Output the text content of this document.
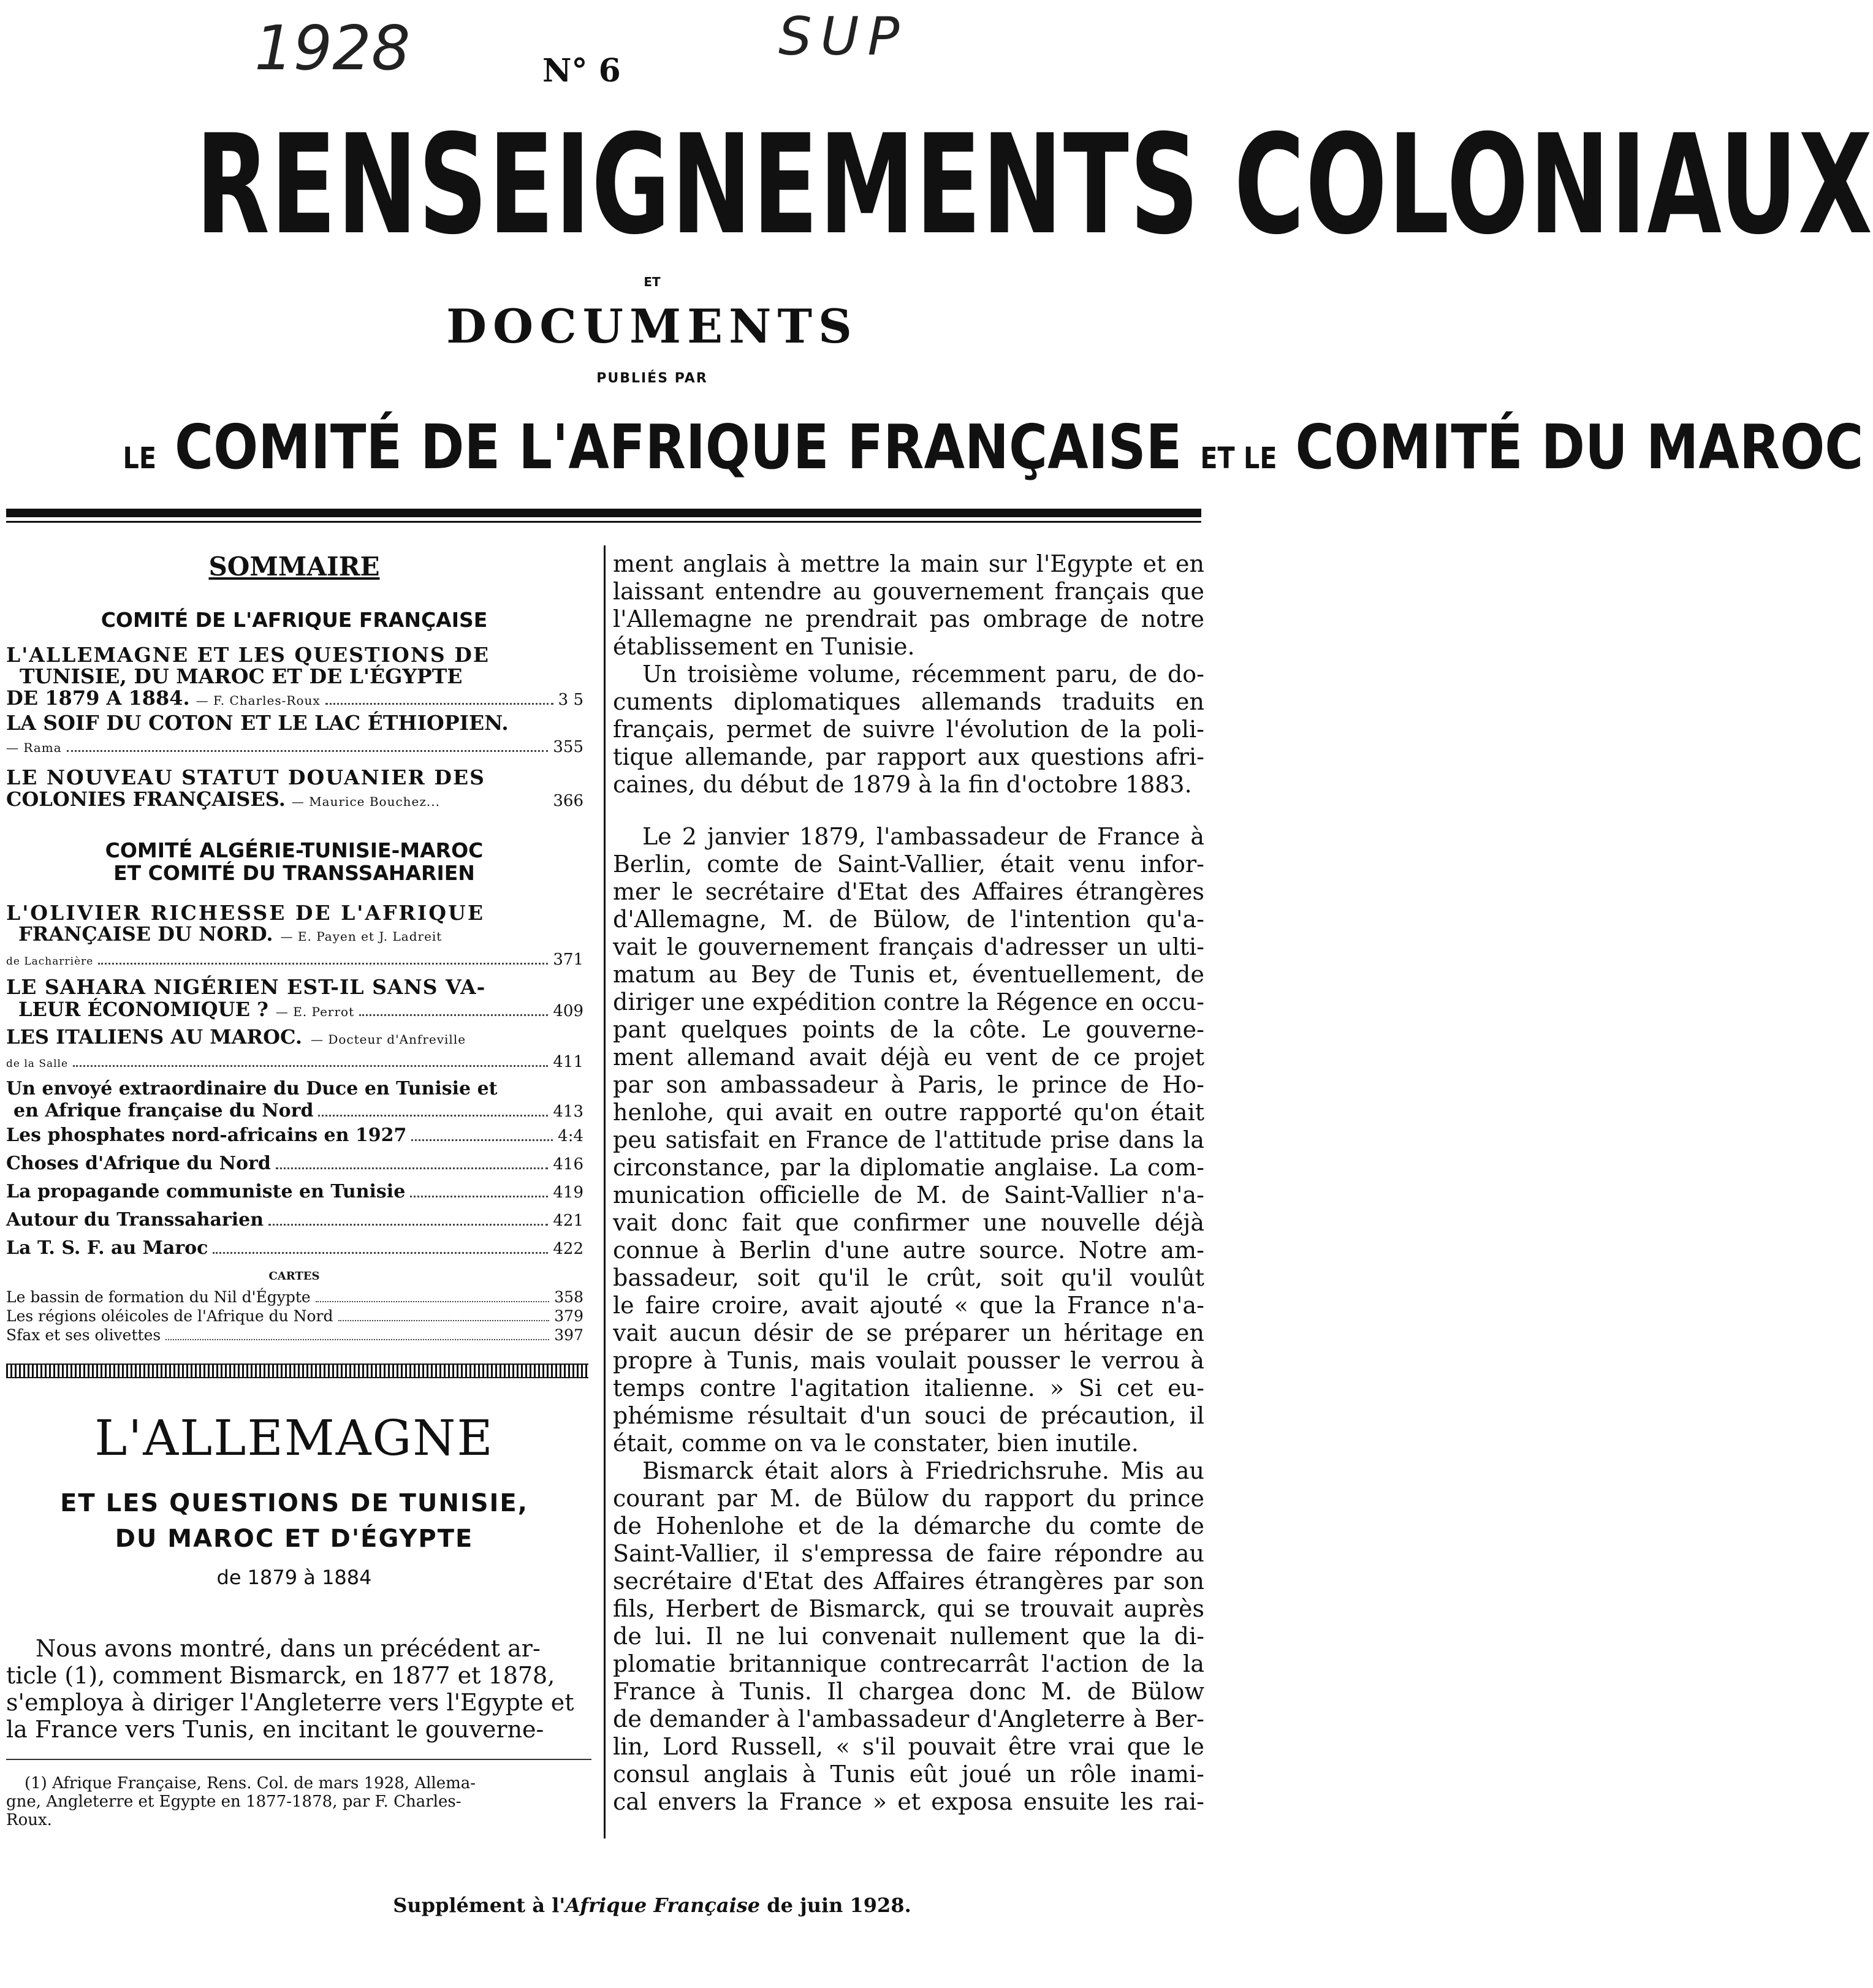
1928	SUP
N° 6
RENSEIGNEMENTS COLONIAUX
ET
DOCUMENTS
PUBLIÉS PAR
LE COMITÉ DE L'AFRIQUE FRANÇAISE ET LE COMITÉ DU MAROC
SOMMAIRE
COMITÉ DE L'AFRIQUE FRANÇAISE
L'ALLEMAGNE ET LES QUESTIONS DE
TUNISIE, DU MAROC ET DE L'ÉGYPTE
DE 1879 A 1884. — F. Charles-Roux	3 5
LA SOIF DU COTON ET LE LAC ÉTHIOPIEN.
— Rama	355
LE NOUVEAU STATUT DOUANIER DES
COLONIES FRANÇAISES. — Maurice Bouchez...	366
COMITÉ ALGÉRIE-TUNISIE-MAROC
ET COMITÉ DU TRANSSAHARIEN
L'OLIVIER RICHESSE DE L'AFRIQUE
FRANÇAISE DU NORD. — E. Payen et J. Ladreit
de Lacharrière	371
LE SAHARA NIGÉRIEN EST-IL SANS VA-
LEUR ÉCONOMIQUE ? — E. Perrot	409
LES ITALIENS AU MAROC. — Docteur d'Anfreville
de la Salle	411
Un envoyé extraordinaire du Duce en Tunisie et
en Afrique française du Nord	413
Les phosphates nord-africains en 1927	4:4
Choses d'Afrique du Nord	416
La propagande communiste en Tunisie	419
Autour du Transsaharien	421
La T. S. F. au Maroc	422
CARTES
Le bassin de formation du Nil d'Égypte	358
Les régions oléicoles de l'Afrique du Nord	379
Sfax et ses olivettes	397
L'ALLEMAGNE
ET LES QUESTIONS DE TUNISIE,
DU MAROC ET D'ÉGYPTE
de 1879 à 1884
Nous avons montré, dans un précédent ar-
ticle (1), comment Bismarck, en 1877 et 1878,
s'employa à diriger l'Angleterre vers l'Egypte et
la France vers Tunis, en incitant le gouverne-
(1) Afrique Française, Rens. Col. de mars 1928, Allema-
gne, Angleterre et Egypte en 1877-1878, par F. Charles-
Roux.
ment anglais à mettre la main sur l'Egypte et en
laissant entendre au gouvernement français que
l'Allemagne ne prendrait pas ombrage de notre
établissement en Tunisie.
Un troisième volume, récemment paru, de do-
cuments diplomatiques allemands traduits en
français, permet de suivre l'évolution de la poli-
tique allemande, par rapport aux questions afri-
caines, du début de 1879 à la fin d'octobre 1883.
Le 2 janvier 1879, l'ambassadeur de France à
Berlin, comte de Saint-Vallier, était venu infor-
mer le secrétaire d'Etat des Affaires étrangères
d'Allemagne, M. de Bülow, de l'intention qu'a-
vait le gouvernement français d'adresser un ulti-
matum au Bey de Tunis et, éventuellement, de
diriger une expédition contre la Régence en occu-
pant quelques points de la côte. Le gouverne-
ment allemand avait déjà eu vent de ce projet
par son ambassadeur à Paris, le prince de Ho-
henlohe, qui avait en outre rapporté qu'on était
peu satisfait en France de l'attitude prise dans la
circonstance, par la diplomatie anglaise. La com-
munication officielle de M. de Saint-Vallier n'a-
vait donc fait que confirmer une nouvelle déjà
connue à Berlin d'une autre source. Notre am-
bassadeur, soit qu'il le crût, soit qu'il voulût
le faire croire, avait ajouté « que la France n'a-
vait aucun désir de se préparer un héritage en
propre à Tunis, mais voulait pousser le verrou à
temps contre l'agitation italienne. » Si cet eu-
phémisme résultait d'un souci de précaution, il
était, comme on va le constater, bien inutile.
Bismarck était alors à Friedrichsruhe. Mis au
courant par M. de Bülow du rapport du prince
de Hohenlohe et de la démarche du comte de
Saint-Vallier, il s'empressa de faire répondre au
secrétaire d'Etat des Affaires étrangères par son
fils, Herbert de Bismarck, qui se trouvait auprès
de lui. Il ne lui convenait nullement que la di-
plomatie britannique contrecarrât l'action de la
France à Tunis. Il chargea donc M. de Bülow
de demander à l'ambassadeur d'Angleterre à Ber-
lin, Lord Russell, « s'il pouvait être vrai que le
consul anglais à Tunis eût joué un rôle inami-
cal envers la France » et exposa ensuite les rai-
Supplément à l'Afrique Française de juin 1928.
